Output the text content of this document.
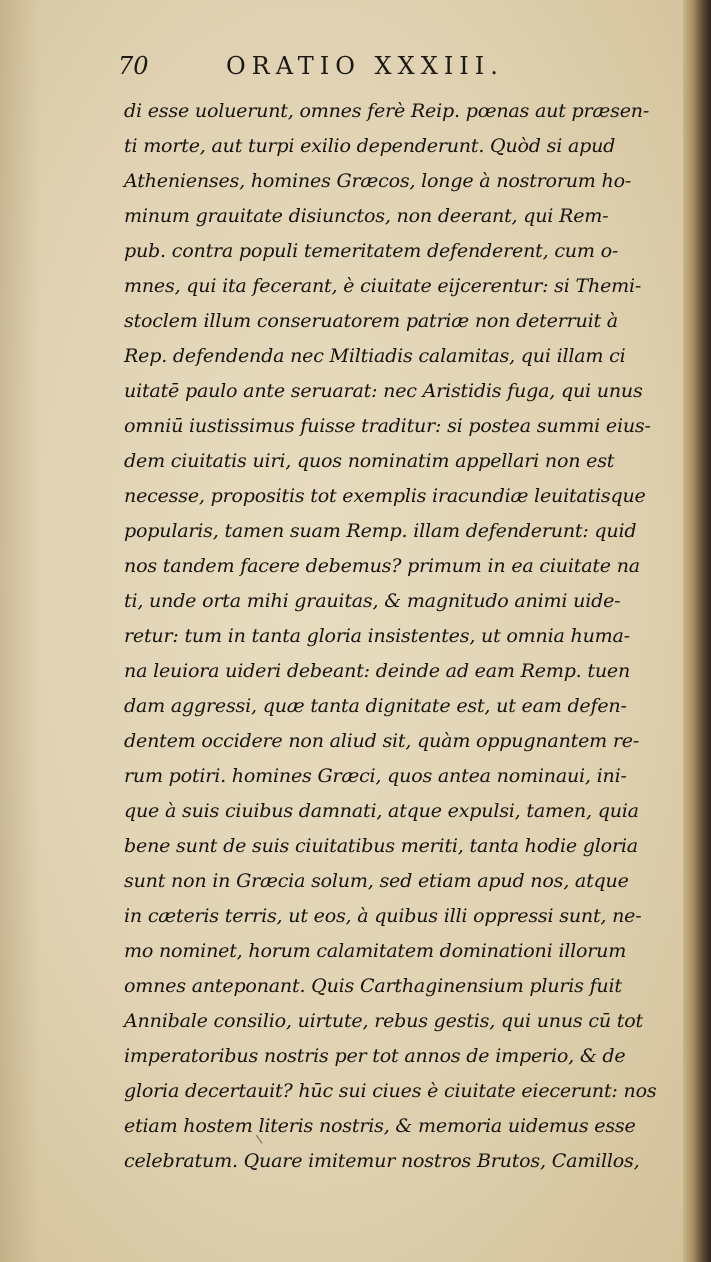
70	ORATIO XXXIII.
di esse uoluerunt, omnes ferè Reip. pœnas aut præsen-
ti morte, aut turpi exilio dependerunt. Quòd si apud
Athenienses, homines Græcos, longe à nostrorum ho-
minum grauitate disiunctos, non deerant, qui Rem-
pub. contra populi temeritatem defenderent, cum o-
mnes, qui ita fecerant, è ciuitate eijcerentur: si Themi-
stoclem illum conseruatorem patriæ non deterruit à
Rep. defendenda nec Miltiadis calamitas, qui illam ci
uitatē paulo ante seruarat: nec Aristidis fuga, qui unus
omniū iustissimus fuisse traditur: si postea summi eius-
dem ciuitatis uiri, quos nominatim appellari non est
necesse, propositis tot exemplis iracundiæ leuitatisque
popularis, tamen suam Remp. illam defenderunt: quid
nos tandem facere debemus? primum in ea ciuitate na
ti, unde orta mihi grauitas, & magnitudo animi uide-
retur: tum in tanta gloria insistentes, ut omnia huma-
na leuiora uideri debeant: deinde ad eam Remp. tuen
dam aggressi, quæ tanta dignitate est, ut eam defen-
dentem occidere non aliud sit, quàm oppugnantem re-
rum potiri. homines Græci, quos antea nominaui, ini-
que à suis ciuibus damnati, atque expulsi, tamen, quia
bene sunt de suis ciuitatibus meriti, tanta hodie gloria
sunt non in Græcia solum, sed etiam apud nos, atque
in cæteris terris, ut eos, à quibus illi oppressi sunt, ne-
mo nominet, horum calamitatem dominationi illorum
omnes anteponant. Quis Carthaginensium pluris fuit
Annibale consilio, uirtute, rebus gestis, qui unus cū tot
imperatoribus nostris per tot annos de imperio, & de
gloria decertauit? hūc sui ciues è ciuitate eiecerunt: nos
etiam hostem literis nostris, & memoria uidemus esse
celebratum. Quare imitemur nostros Brutos, Camillos,
